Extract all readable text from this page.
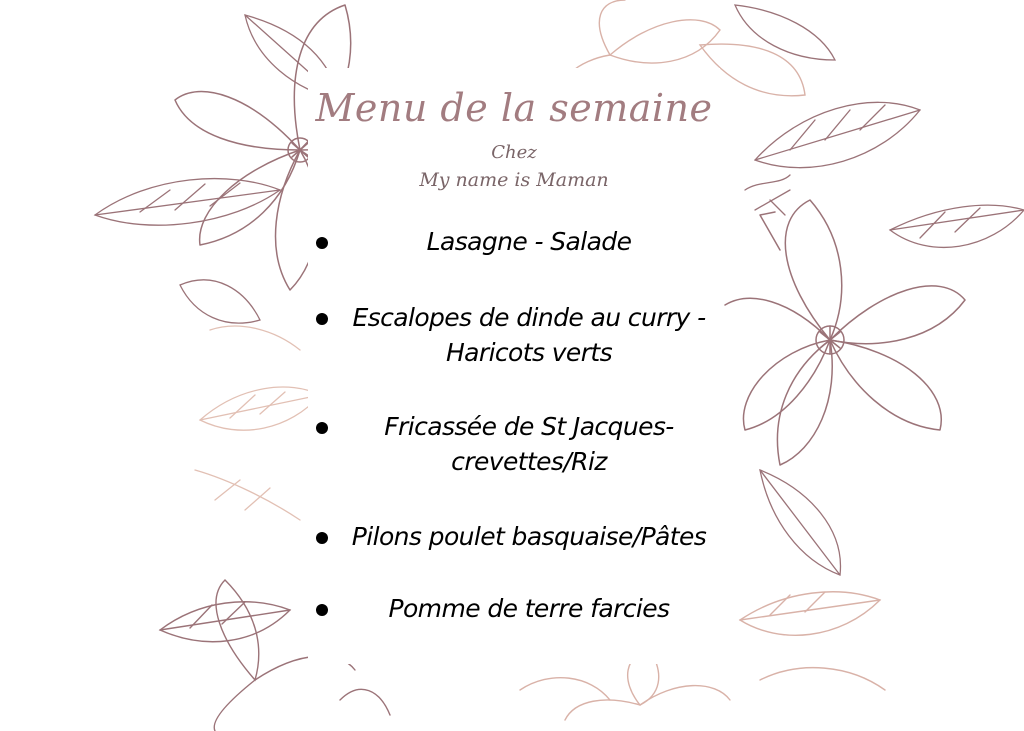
Menu de la semaine
Chez
My name is Maman
Lasagne - Salade
Escalopes de dinde au curry -
Haricots verts
Fricassée de St Jacques-
crevettes/Riz
Pilons poulet basquaise/Pâtes
Pomme de terre farcies
